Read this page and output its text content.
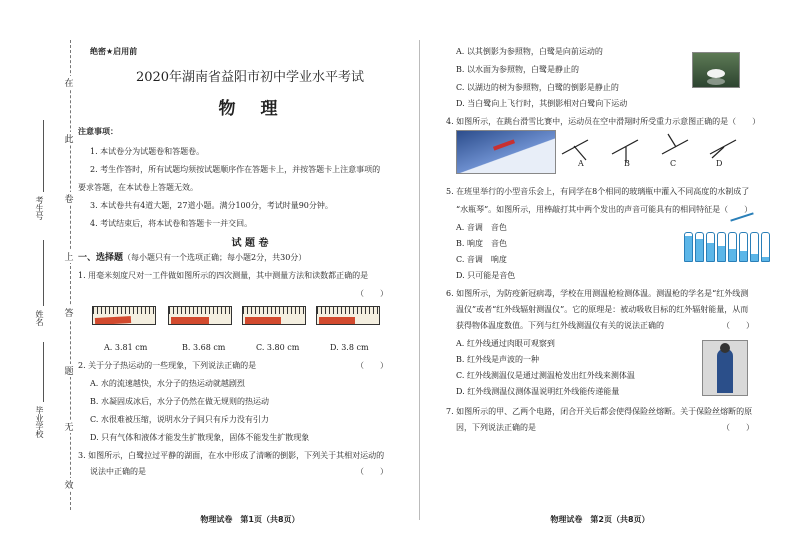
在
此
卷
上
答
题
无
效
考生号
姓名
毕业学校
绝密★启用前
2020年湖南省益阳市初中学业水平考试
物　理
注意事项：
1. 本试卷分为试题卷和答题卷。
2. 考生作答时，所有试题均须按试题顺序作在答题卡上，并按答题卡上注意事项的
要求答题，在本试卷上答题无效。
3. 本试卷共有4道大题，27道小题。满分100分，考试时量90分钟。
4. 考试结束后，将本试卷和答题卡一并交回。
试 题 卷
一、选择题（每小题只有一个选项正确；每小题2分，共30分）
1. 用毫米刻度尺对一工件做如图所示的四次测量，其中测量方法和读数都正确的是
（　　）
A. 3.81 cm	B. 3.68 cm	C. 3.80 cm	D. 3.8 cm
2. 关于分子热运动的一些现象，下列说法正确的是	（　　）
A. 水的流速越快，水分子的热运动就越剧烈
B. 水凝固成冰后，水分子仍然在做无规则的热运动
C. 水很难被压缩，说明水分子间只有斥力没有引力
D. 只有气体和液体才能发生扩散现象，固体不能发生扩散现象
3. 如图所示，白鹭拉过平静的湖面，在水中形成了清晰的倒影，下列关于其相对运动的
说法中正确的是	（　　）
物理试卷　第1页（共8页）
A. 以其倒影为参照物，白鹭是向前运动的
B. 以水面为参照物，白鹭是静止的
C. 以湖边的树为参照物，白鹭的倒影是静止的
D. 当白鹭向上飞行时，其倒影相对白鹭向下运动
4. 如图所示，在跳台滑雪比赛中，运动员在空中滑翔时所受重力示意图正确的是（　　）
A	B	C	D
5. 在班里举行的小型音乐会上，有同学在8个相同的玻璃瓶中灌入不同高度的水制成了
“水瓶琴”。如图所示，用棒敲打其中两个发出的声音可能具有的相同特征是（　　）
A. 音调　音色
B. 响度　音色
C. 音调　响度
D. 只可能是音色
6. 如图所示，为防疫新冠病毒，学校在用测温枪检测体温。测温枪的学名是“红外线测
温仪”或者“红外线辐射测温仪”。它的原理是：被动吸收目标的红外辐射能量，从而
获得物体温度数值。下列与红外线测温仪有关的说法正确的	（　　）
A. 红外线通过肉眼可观察到
B. 红外线是声波的一种
C. 红外线测温仪是通过测温枪发出红外线来测体温
D. 红外线测温仪测体温说明红外线能传递能量
7. 如图所示的甲、乙两个电路，闭合开关后都会使得保险丝熔断。关于保险丝熔断的原
因，下列说法正确的是	（　　）
物理试卷　第2页（共8页）
